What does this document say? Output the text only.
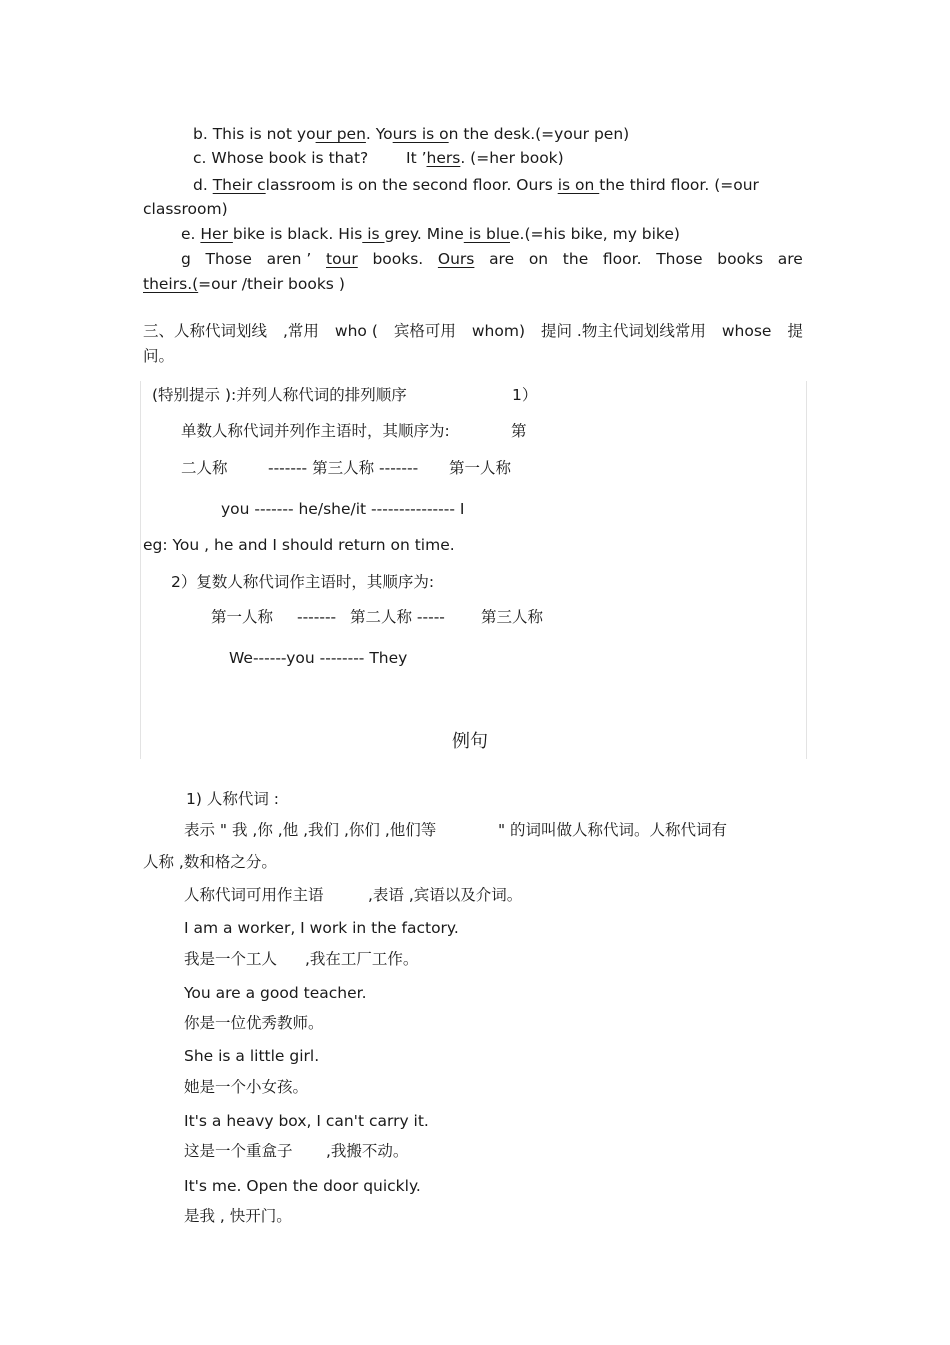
b. This is not your pen. Yours is on the desk.(=your pen)
c. Whose book is that? It ’hers. (=her book)
d. Their classroom is on the second floor. Ours is on the third floor. (=our
classroom)
e. Her bike is black. His is grey. Mine is blue.(=his bike, my bike)
g Those aren ’ tour books. Ours are on the floor. Those books are
theirs.(=our /their books )
三、人称代词划线 ,常用 who ( 宾格可用 whom) 提问 .物主代词划线常用 whose 提
问。
(特别提示 ):并列人称代词的排列顺序	1）
单数人称代词并列作主语时，其顺序为:	第
二人称	------- 第三人称 ------- 第一人称
you ------- he/she/it --------------- I
eg: You , he and I should return on time.
2）复数人称代词作主语时，其顺序为:
第一人称 ------- 第二人称 ----- 第三人称
We------you -------- They
例句
1) 人称代词 :
表示 " 我 ,你 ,他 ,我们 ,你们 ,他们等	" 的词叫做人称代词。人称代词有
人称 ,数和格之分。
人称代词可用作主语	,表语 ,宾语以及介词。
I am a worker, I work in the factory.
我是一个工人 ,我在工厂工作。
You are a good teacher.
你是一位优秀教师。
She is a little girl.
她是一个小女孩。
It's a heavy box, I can't carry it.
这是一个重盒子 ,我搬不动。
It's me. Open the door quickly.
是我 , 快开门。
